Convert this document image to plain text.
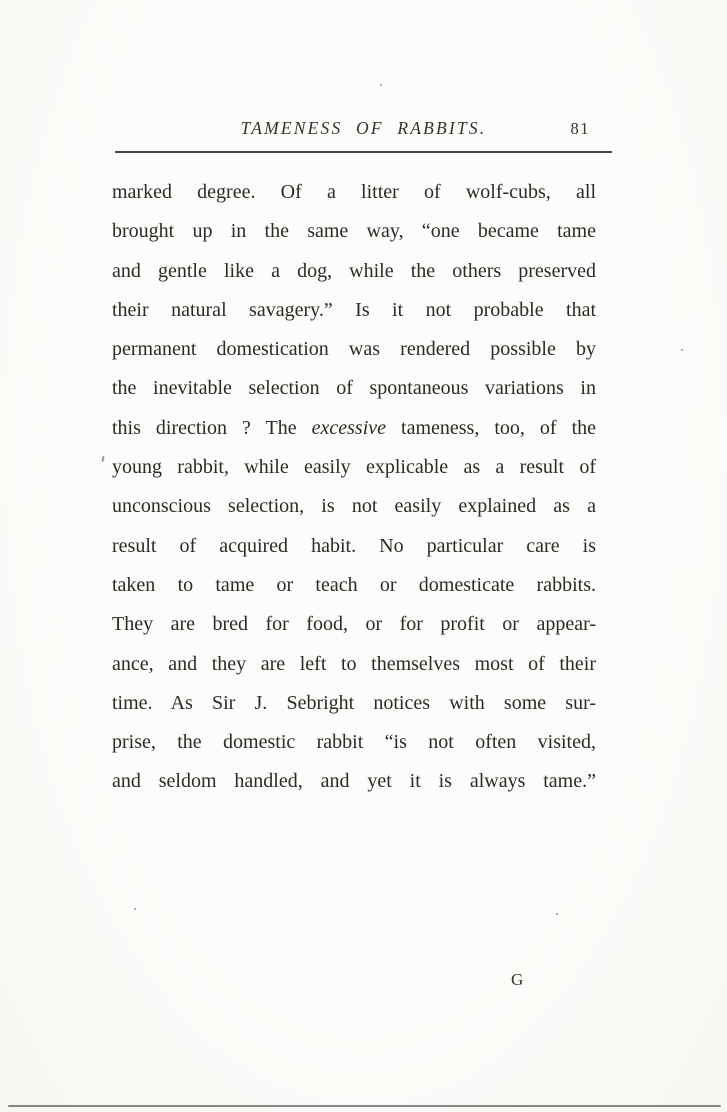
TAMENESS OF RABBITS.	81

marked degree. Of a litter of wolf-cubs, all

brought up in the same way, “one became tame

and gentle like a dog, while the others preserved

their natural savagery.” Is it not probable that

permanent domestication was rendered possible by

the inevitable selection of spontaneous variations in

this direction ? The excessive tameness, too, of the

young rabbit, while easily explicable as a result of

unconscious selection, is not easily explained as a

result of acquired habit. No particular care is

taken to tame or teach or domesticate rabbits.

They are bred for food, or for profit or appear-

ance, and they are left to themselves most of their

time. As Sir J. Sebright notices with some sur-

prise, the domestic rabbit “is not often visited,

and seldom handled, and yet it is always tame.”

G
